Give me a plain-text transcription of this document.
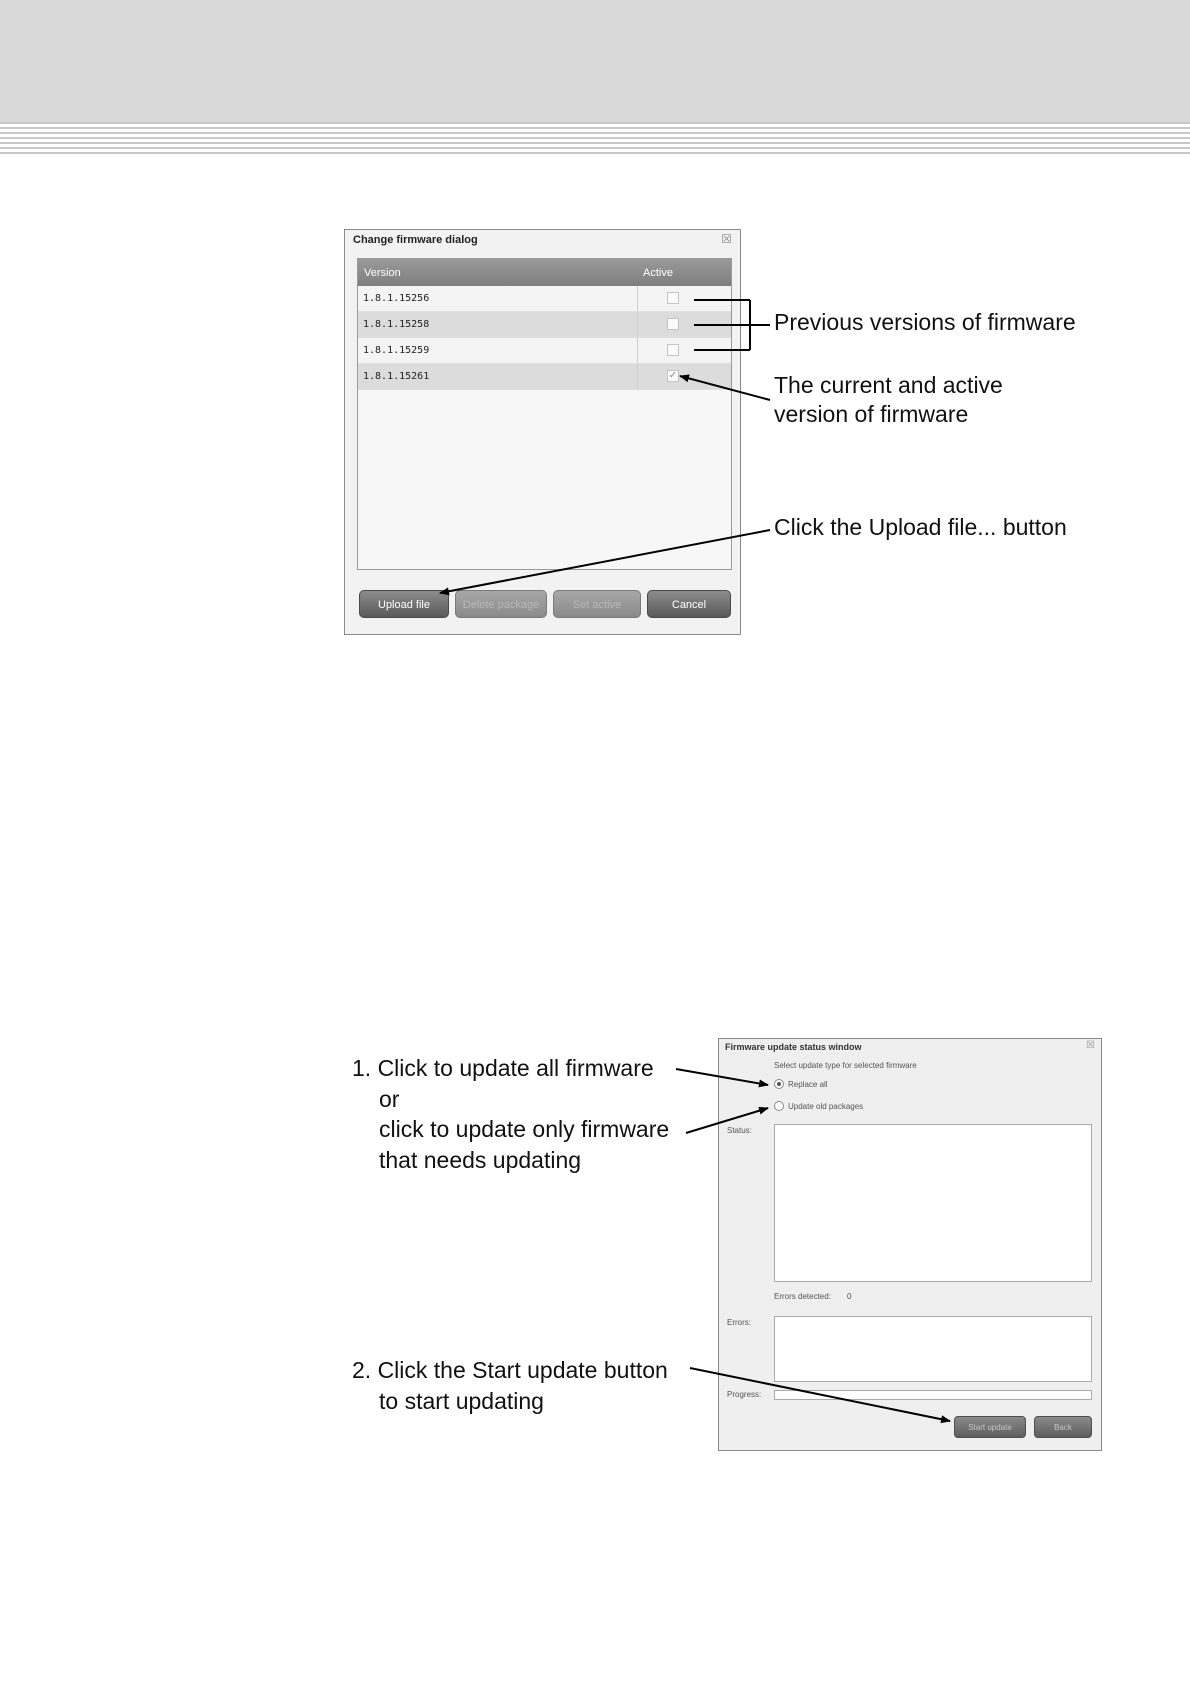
Change firmware dialog	☒
Version	Active
1.8.1.15256
1.8.1.15258
1.8.1.15259
1.8.1.15261	✓
Upload file	Delete package	Set active	Cancel
Previous versions of firmware
The current and active
version of firmware
Click the Upload file... button
Firmware update status window	☒
Select update type for selected firmware
Replace all
Update old packages
Status:
Errors detected: 0
Errors:
Progress:
Start update	Back
1. Click to update all firmware
or
click to update only firmware
that needs updating
2. Click the Start update button
to start updating
